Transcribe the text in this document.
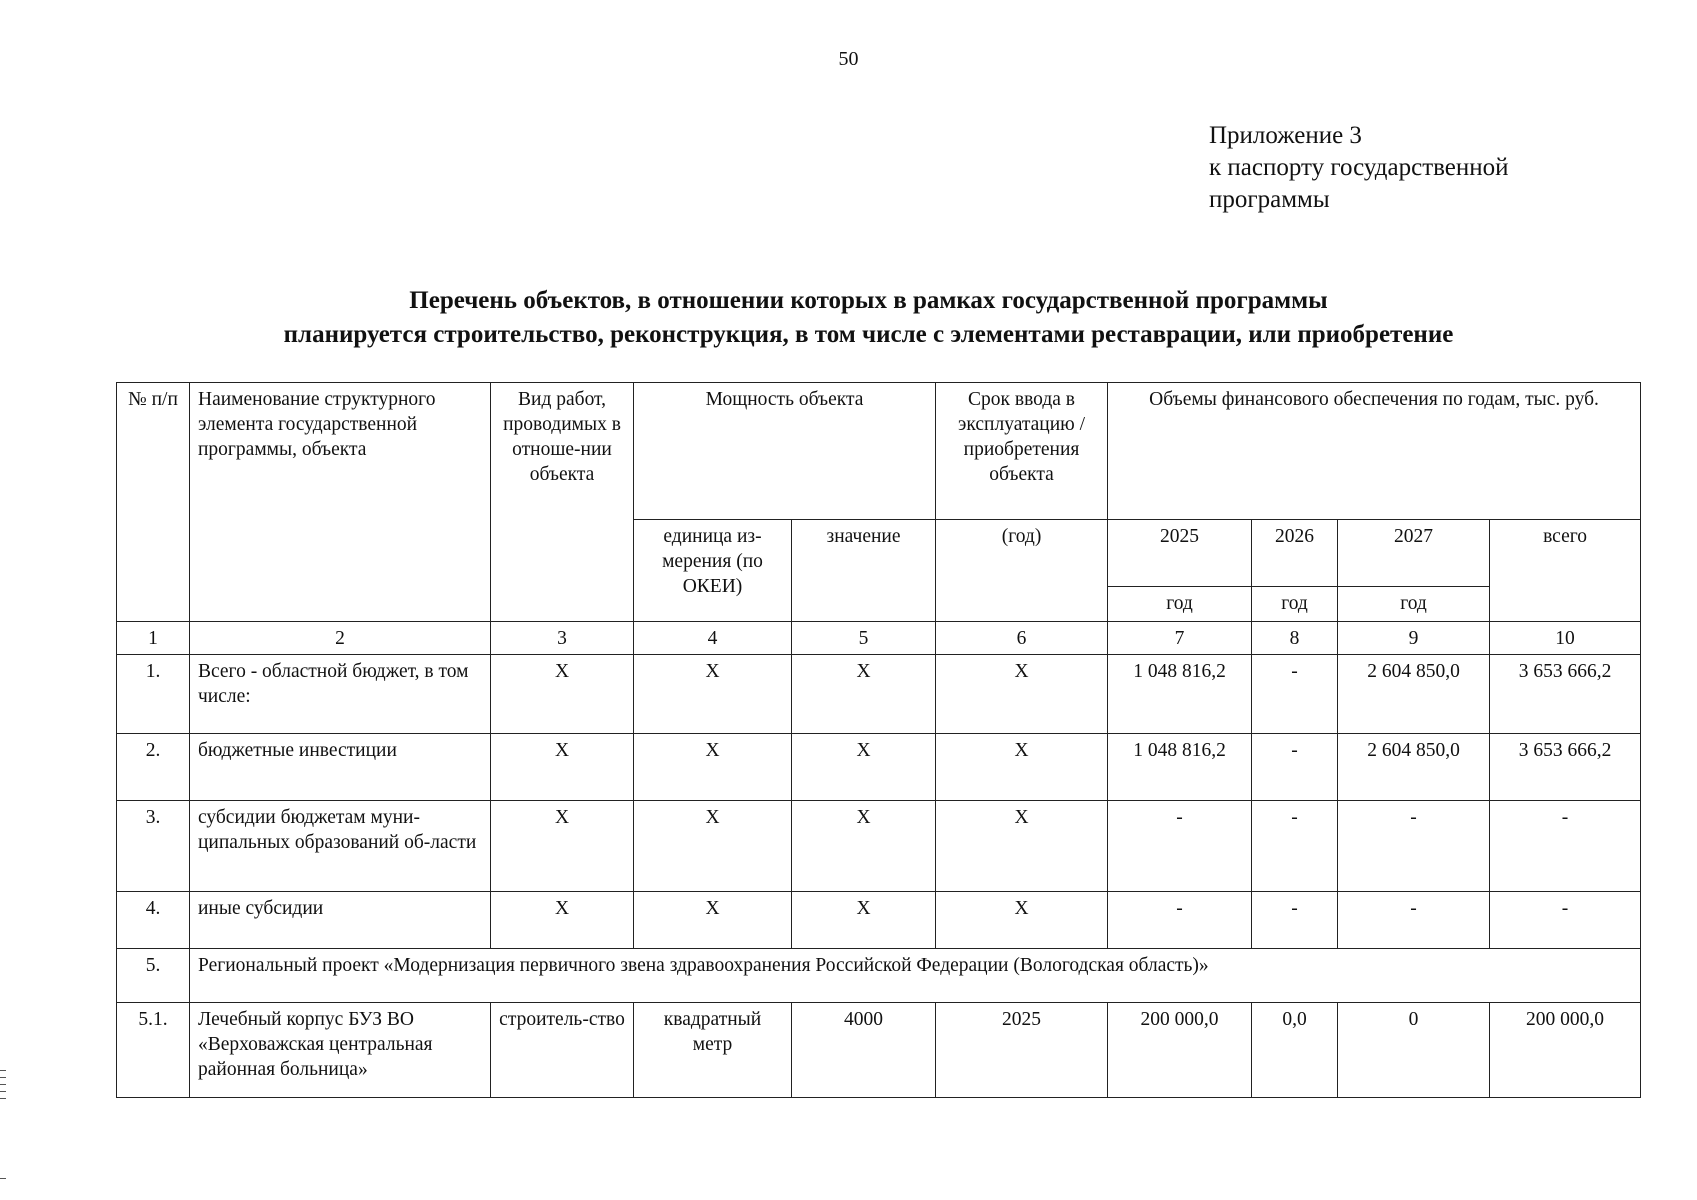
50
Приложение 3
к паспорту государственной
программы
Перечень объектов, в отношении которых в рамках государственной программы
планируется строительство, реконструкция, в том числе с элементами реставрации, или приобретение
№ п/п	Наименование структурного элемента государственной программы, объекта	Вид работ, проводимых в отноше-нии объекта	Мощность объекта		Срок ввода в эксплуатацию / приобретения объекта	Объемы финансового обеспечения по годам, тыс. руб.			
			единица из-мерения (по ОКЕИ)	значение	(год)	2025	2026	2027	всего
						год	год	год	
1	2	3	4	5	6	7	8	9	10
1.	Всего - областной бюджет, в том числе:	X	X	X	X	1 048 816,2	-	2 604 850,0	3 653 666,2
2.	бюджетные инвестиции	X	X	X	X	1 048 816,2	-	2 604 850,0	3 653 666,2
3.	субсидии бюджетам муни-ципальных образований об-ласти	X	X	X	X	-	-	-	-
4.	иные субсидии	X	X	X	X	-	-	-	-
5.	Региональный проект «Модернизация первичного звена здравоохранения Российской Федерации (Вологодская область)»								
5.1.	Лечебный корпус БУЗ ВО «Верховажская центральная районная больница»	строитель-ство	квадратный метр	4000	2025	200 000,0	0,0	0	200 000,0
